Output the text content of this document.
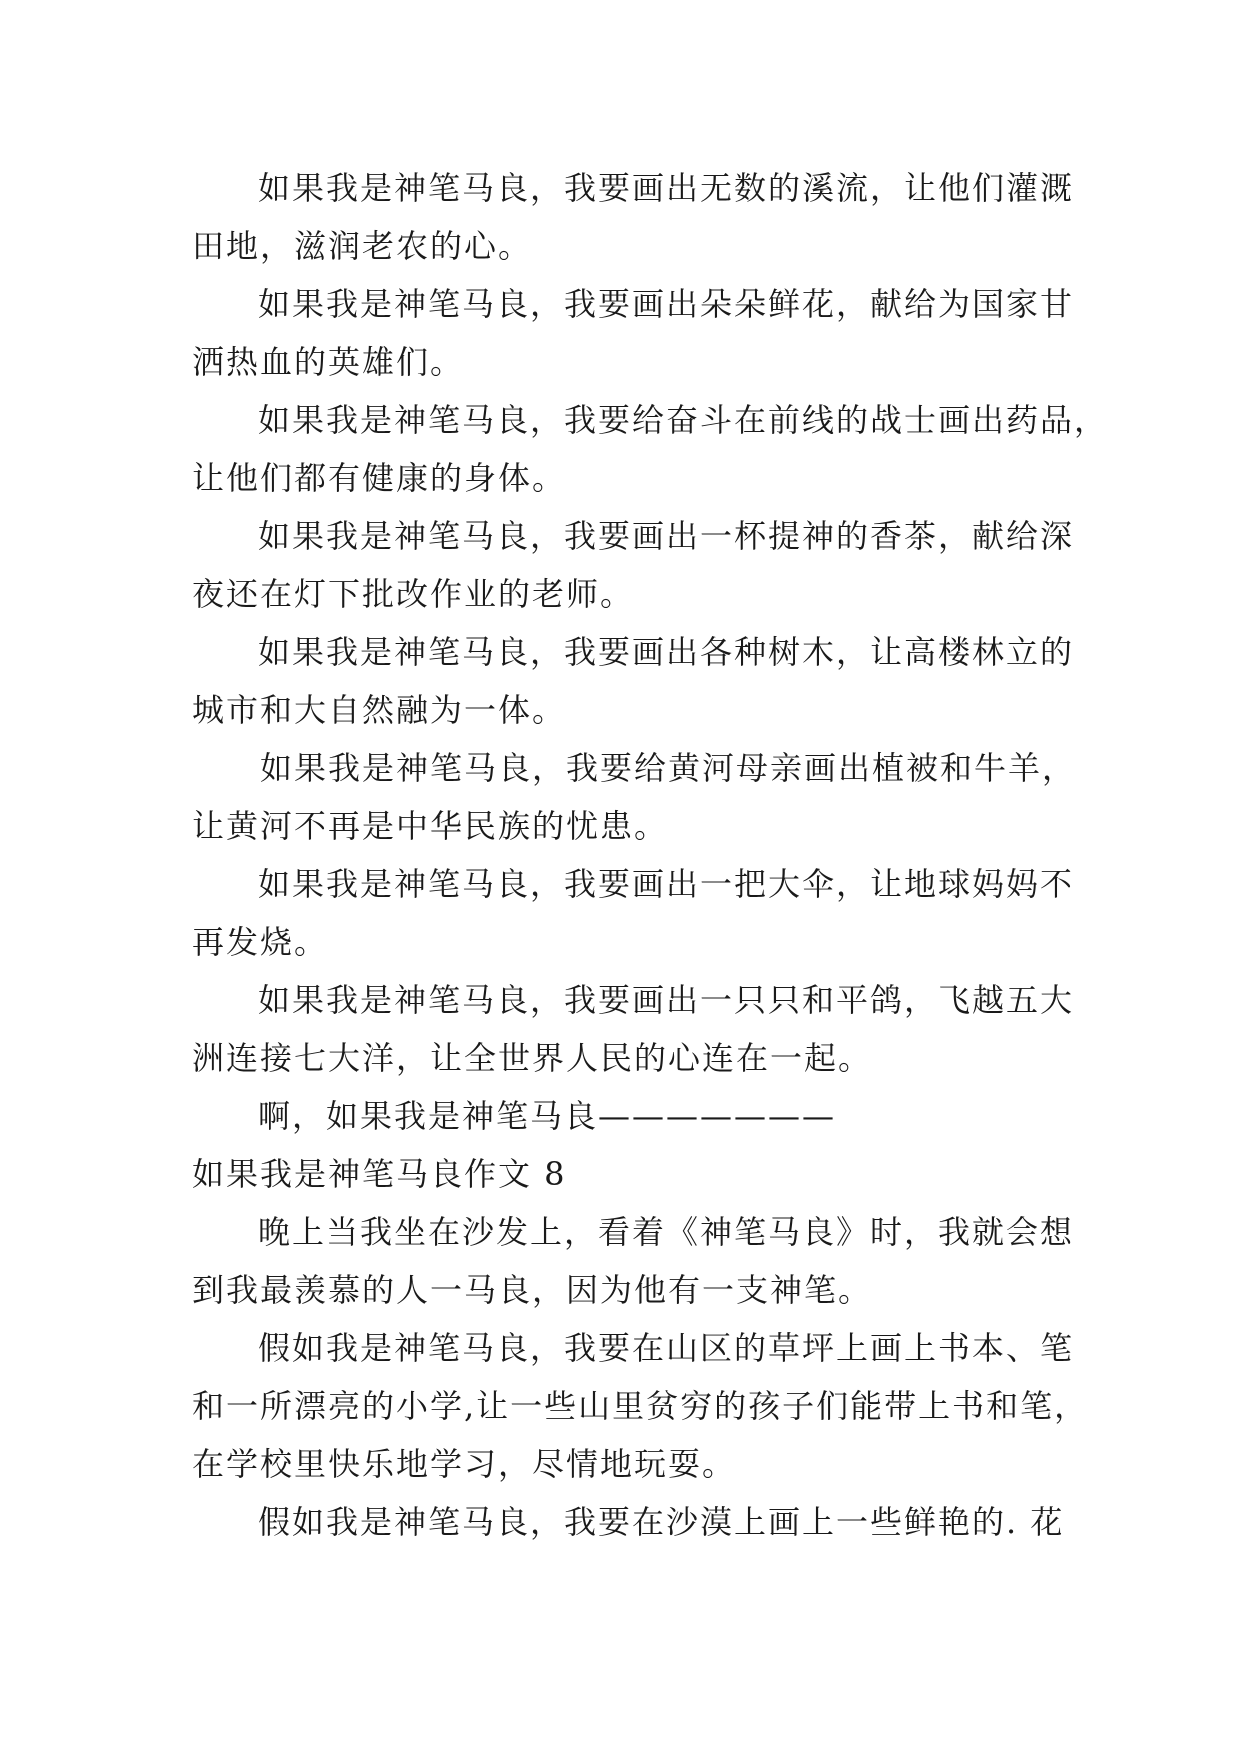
如果我是神笔马良，我要画出无数的溪流，让他们灌溉
田地，滋润老农的心。
如果我是神笔马良，我要画出朵朵鲜花，献给为国家甘
洒热血的英雄们。
如果我是神笔马良，我要给奋斗在前线的战士画出药品，
让他们都有健康的身体。
如果我是神笔马良，我要画出一杯提神的香茶，献给深
夜还在灯下批改作业的老师。
如果我是神笔马良，我要画出各种树木，让高楼林立的
城市和大自然融为一体。
如果我是神笔马良，我要给黄河母亲画出植被和牛羊，
让黄河不再是中华民族的忧患。
如果我是神笔马良，我要画出一把大伞，让地球妈妈不
再发烧。
如果我是神笔马良，我要画出一只只和平鸽，飞越五大
洲连接七大洋，让全世界人民的心连在一起。
啊，如果我是神笔马良———————
如果我是神笔马良作文 8
晚上当我坐在沙发上，看着《神笔马良》时，我就会想
到我最羡慕的人一马良，因为他有一支神笔。
假如我是神笔马良，我要在山区的草坪上画上书本、笔
和一所漂亮的小学,让一些山里贫穷的孩子们能带上书和笔，
在学校里快乐地学习，尽情地玩耍。
假如我是神笔马良，我要在沙漠上画上一些鲜艳的. 花
